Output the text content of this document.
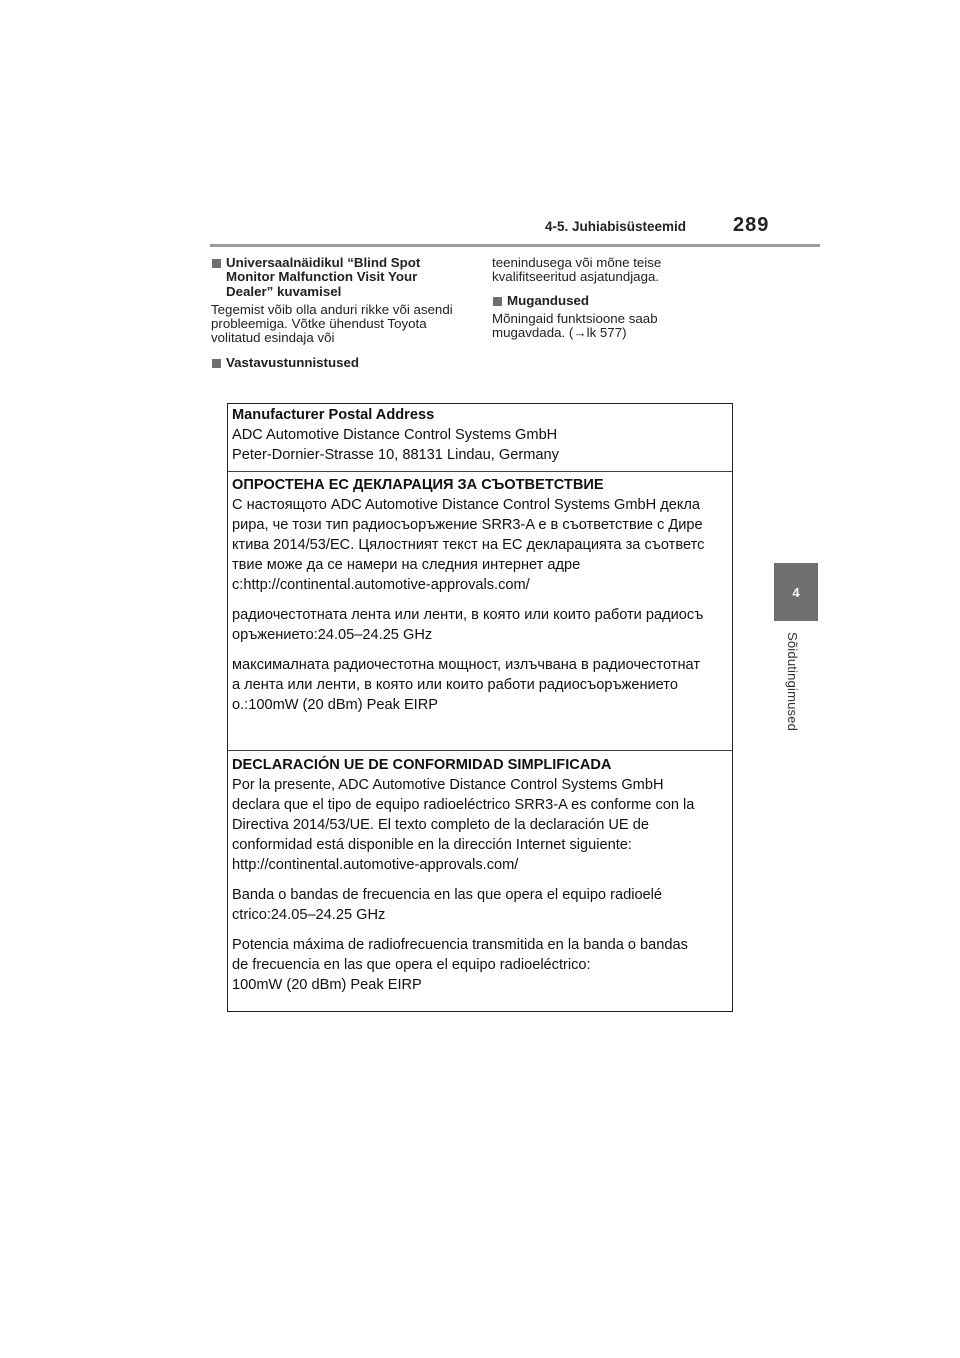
4-5. Juhiabisüsteemid 289
4
Sõidutingimused
Universaalnäidikul “Blind Spot Monitor Malfunction Visit Your Dealer” kuvamisel

Tegemist võib olla anduri rikke või asendi probleemiga. Võtke ühendust Toyota volitatud esindaja või

Vastavustunnistused

teenindusega või mõne teise kvalifitseeritud asjatundjaga.

Mugandused

Mõningaid funktsioone saab mugavdada. (→lk 577)

Manufacturer Postal Address
ADC Automotive Distance Control Systems GmbH
Peter-Dornier-Strasse 10, 88131 Lindau, Germany
ОПРОСТЕНА ЕС ДЕКЛАРАЦИЯ ЗА СЪОТВЕТСТВИЕ
С настоящото ADC Automotive Distance Control Systems GmbH декла
рира, че този тип радиосъоръжение SRR3-A е в съответствие с Дире
ктива 2014/53/ЕС. Цялостният текст на ЕС декларацията за съответс
твие може да се намери на следния интернет адре
с:http://continental.automotive-approvals.com/
радиочестотната лента или ленти, в която или които работи радиосъ
оръжението:24.05–24.25 GHz
максималната радиочестотна мощност, излъчвана в радиочестотнат
а лента или ленти, в която или които работи радиосъоръжението
о.:100mW (20 dBm) Peak EIRP
DECLARACIÓN UE DE CONFORMIDAD SIMPLIFICADA
Por la presente, ADC Automotive Distance Control Systems GmbH
declara que el tipo de equipo radioeléctrico SRR3-A es conforme con la
Directiva 2014/53/UE. El texto completo de la declaración UE de
conformidad está disponible en la dirección Internet siguiente:
http://continental.automotive-approvals.com/
Banda o bandas de frecuencia en las que opera el equipo radioelé
ctrico:24.05–24.25 GHz
Potencia máxima de radiofrecuencia transmitida en la banda o bandas
de frecuencia en las que opera el equipo radioeléctrico:
100mW (20 dBm) Peak EIRP
